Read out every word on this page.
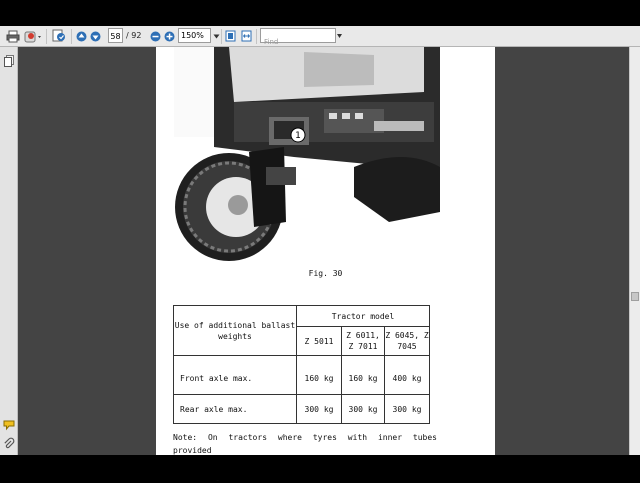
58 / 92	150%
Find
1
Fig. 30
Use of additional ballast weights	Tractor model		
	Z 5011	Z 6011, Z 7011	Z 6045, Z 7045
Front axle max.	160 kg	160 kg	400 kg
Rear axle max.	300 kg	300 kg	300 kg
Note: On tractors where tyres with inner tubes provided
